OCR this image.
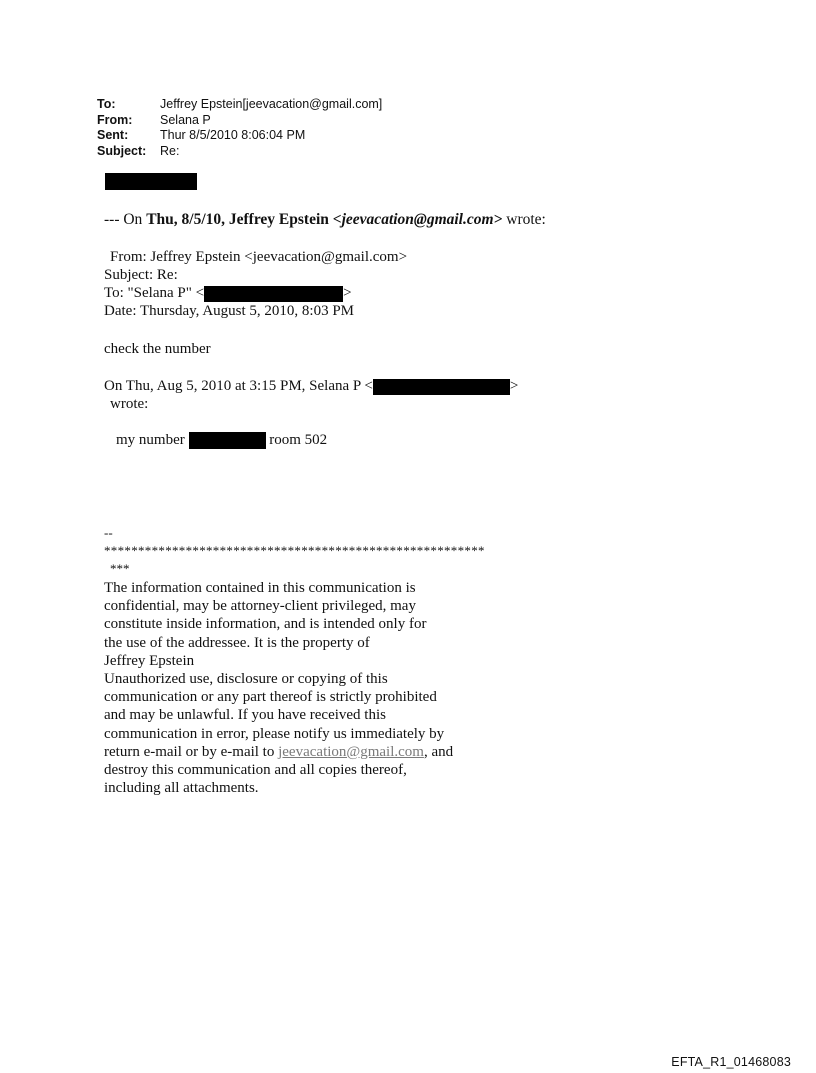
To:	Jeffrey Epstein[jeevacation@gmail.com]
From:	Selana P
Sent:	Thur 8/5/2010 8:06:04 PM
Subject:	Re:
--- On Thu, 8/5/10, Jeffrey Epstein <jeevacation@gmail.com> wrote:
From: Jeffrey Epstein <jeevacation@gmail.com>
Subject: Re:
To: "Selana P" <	>
Date: Thursday, August 5, 2010, 8:03 PM
check the number
On Thu, Aug 5, 2010 at 3:15 PM, Selana P <	>
wrote:
my number	room 502
--
********************************************************
***
The information contained in this communication is
confidential, may be attorney-client privileged, may
constitute inside information, and is intended only for
the use of the addressee. It is the property of
Jeffrey Epstein
Unauthorized use, disclosure or copying of this
communication or any part thereof is strictly prohibited
and may be unlawful. If you have received this
communication in error, please notify us immediately by
return e-mail or by e-mail to jeevacation@gmail.com, and
destroy this communication and all copies thereof,
including all attachments.
EFTA_R1_01468083
